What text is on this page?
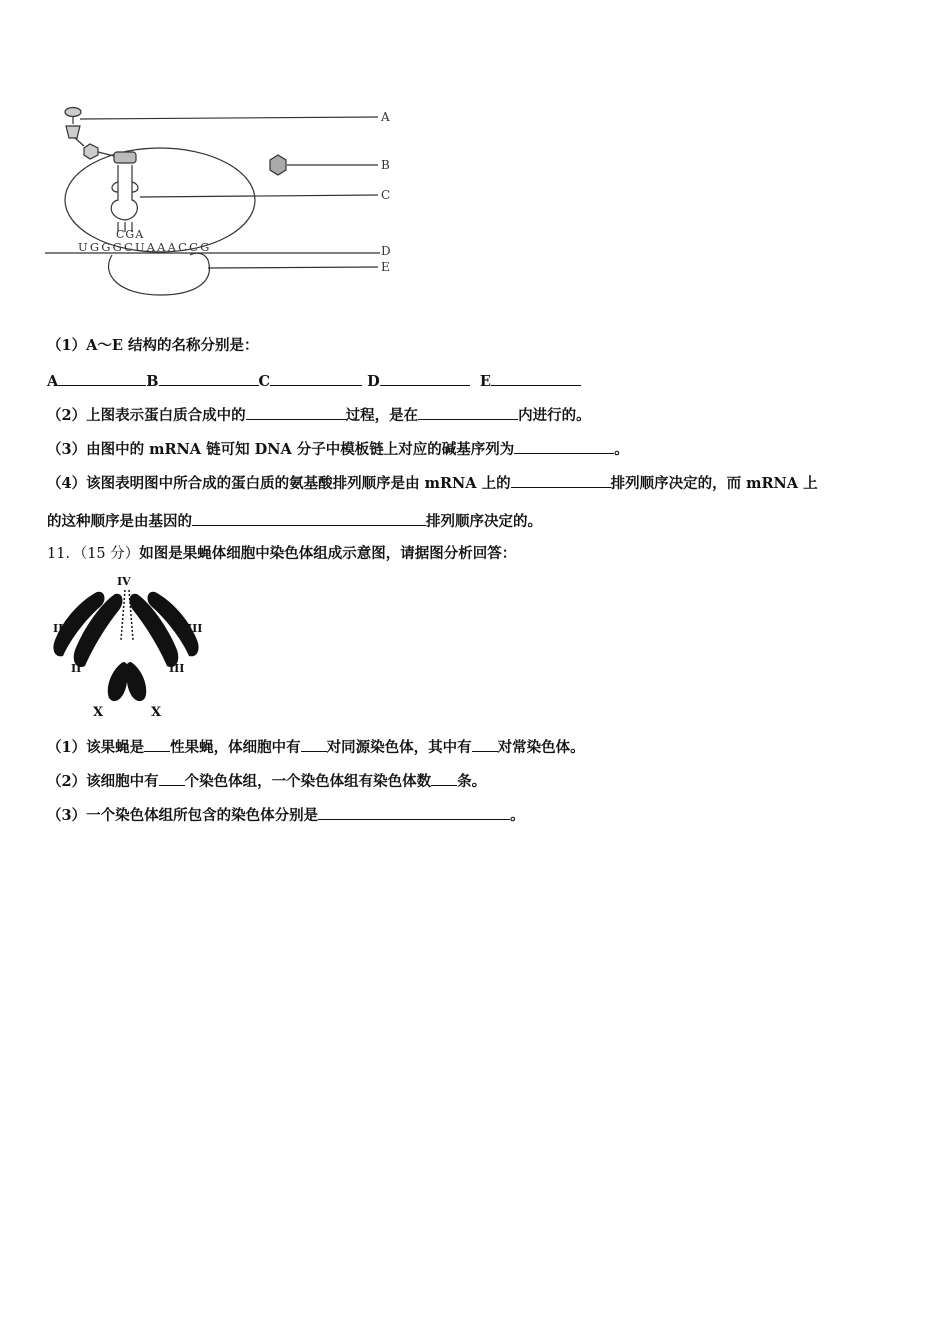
A
B
C
D
E
CGA
UGGGCUAAACCG
（1）A～E 结构的名称分别是：
A	B	C	D	E
（2）上图表示蛋白质合成中的	过程，是在	内进行的。
（3）由图中的 mRNA 链可知 DNA 分子中模板链上对应的碱基序列为	。
（4）该图表明图中所合成的蛋白质的氨基酸排列顺序是由 mRNA 上的	排列顺序决定的，而 mRNA 上
的这种顺序是由基因的	排列顺序决定的。
11．（15 分）如图是果蝇体细胞中染色体组成示意图，请据图分析回答：
IV
II
II
III
III
X	X
（1）该果蝇是 性果蝇，体细胞中有 对同源染色体，其中有 对常染色体。
（2）该细胞中有 个染色体组，一个染色体组有染色体数 条。
（3）一个染色体组所包含的染色体分别是	。
